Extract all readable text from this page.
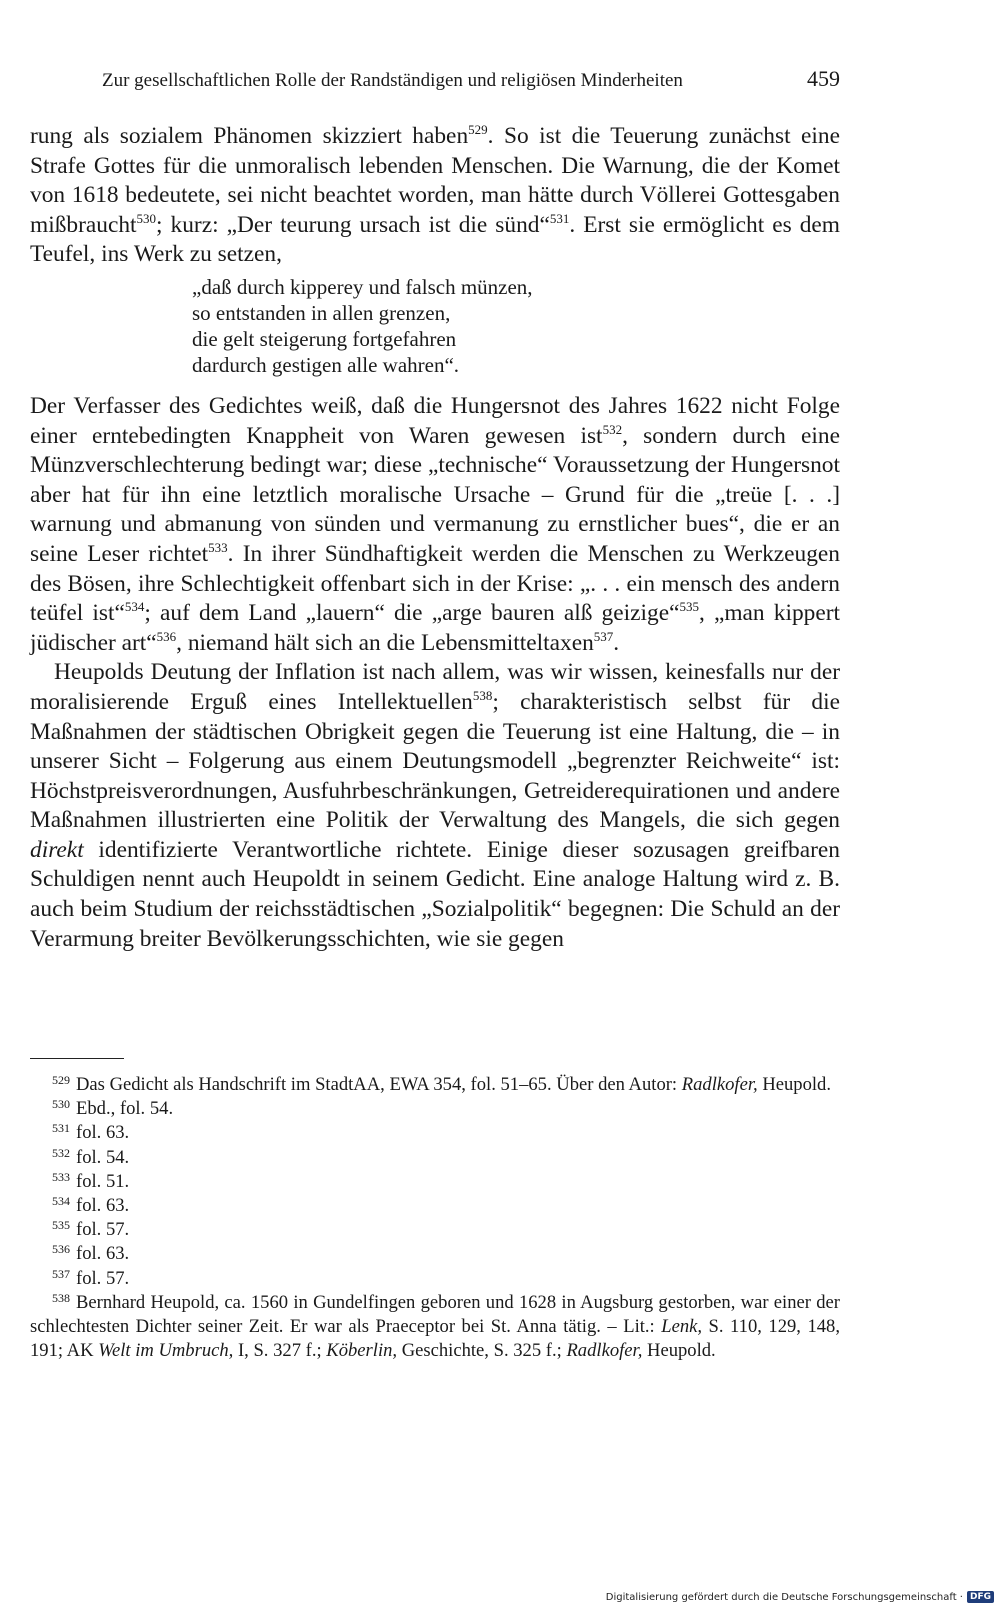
Zur gesellschaftlichen Rolle der Randständigen und religiösen Minderheiten	459

rung als sozialem Phänomen skizziert haben$^{529}$. So ist die Teuerung zunächst eine Strafe Gottes für die unmoralisch lebenden Menschen. Die Warnung, die der Komet von 1618 bedeutete, sei nicht beachtet worden, man hätte durch Völlerei Gottesgaben mißbraucht$^{530}$; kurz: „Der teurung ursach ist die sünd“$^{531}$. Erst sie ermöglicht es dem Teufel, ins Werk zu setzen,

„daß durch kipperey und falsch münzen,
so entstanden in allen grenzen,
die gelt steigerung fortgefahren
dardurch gestigen alle wahren“.

Der Verfasser des Gedichtes weiß, daß die Hungersnot des Jahres 1622 nicht Folge einer erntebedingten Knappheit von Waren gewesen ist$^{532}$, sondern durch eine Münzverschlechterung bedingt war; diese „technische“ Voraussetzung der Hungersnot aber hat für ihn eine letztlich moralische Ursache – Grund für die „treüe [. . .] warnung und abmanung von sünden und vermanung zu ernstlicher bues“, die er an seine Leser richtet$^{533}$. In ihrer Sündhaftigkeit werden die Menschen zu Werkzeugen des Bösen, ihre Schlechtigkeit offenbart sich in der Krise: „. . . ein mensch des andern teüfel ist“$^{534}$; auf dem Land „lauern“ die „arge bauren alß geizige“$^{535}$, „man kippert jüdischer art“$^{536}$, niemand hält sich an die Lebensmitteltaxen$^{537}$.

Heupolds Deutung der Inflation ist nach allem, was wir wissen, keinesfalls nur der moralisierende Erguß eines Intellektuellen$^{538}$; charakteristisch selbst für die Maßnahmen der städtischen Obrigkeit gegen die Teuerung ist eine Haltung, die – in unserer Sicht – Folgerung aus einem Deutungsmodell „begrenzter Reichweite“ ist: Höchstpreisverordnungen, Ausfuhrbeschränkungen, Getreiderequirationen und andere Maßnahmen illustrierten eine Politik der Verwaltung des Mangels, die sich gegen direkt identifizierte Verantwortliche richtete. Einige dieser sozusagen greifbaren Schuldigen nennt auch Heupoldt in seinem Gedicht. Eine analoge Haltung wird z. B. auch beim Studium der reichsstädtischen „Sozialpolitik“ begegnen: Die Schuld an der Verarmung breiter Bevölkerungsschichten, wie sie gegen

$^{529}$ Das Gedicht als Handschrift im StadtAA, EWA 354, fol. 51–65. Über den Autor: Radlkofer, Heupold.
$^{530}$ Ebd., fol. 54.
$^{531}$ fol. 63.
$^{532}$ fol. 54.
$^{533}$ fol. 51.
$^{534}$ fol. 63.
$^{535}$ fol. 57.
$^{536}$ fol. 63.
$^{537}$ fol. 57.
$^{538}$ Bernhard Heupold, ca. 1560 in Gundelfingen geboren und 1628 in Augsburg gestorben, war einer der schlechtesten Dichter seiner Zeit. Er war als Praeceptor bei St. Anna tätig. – Lit.: Lenk, S. 110, 129, 148, 191; AK Welt im Umbruch, I, S. 327 f.; Köberlin, Geschichte, S. 325 f.; Radlkofer, Heupold.
Digitalisierung gefördert durch die Deutsche Forschungsgemeinschaft · DFG
